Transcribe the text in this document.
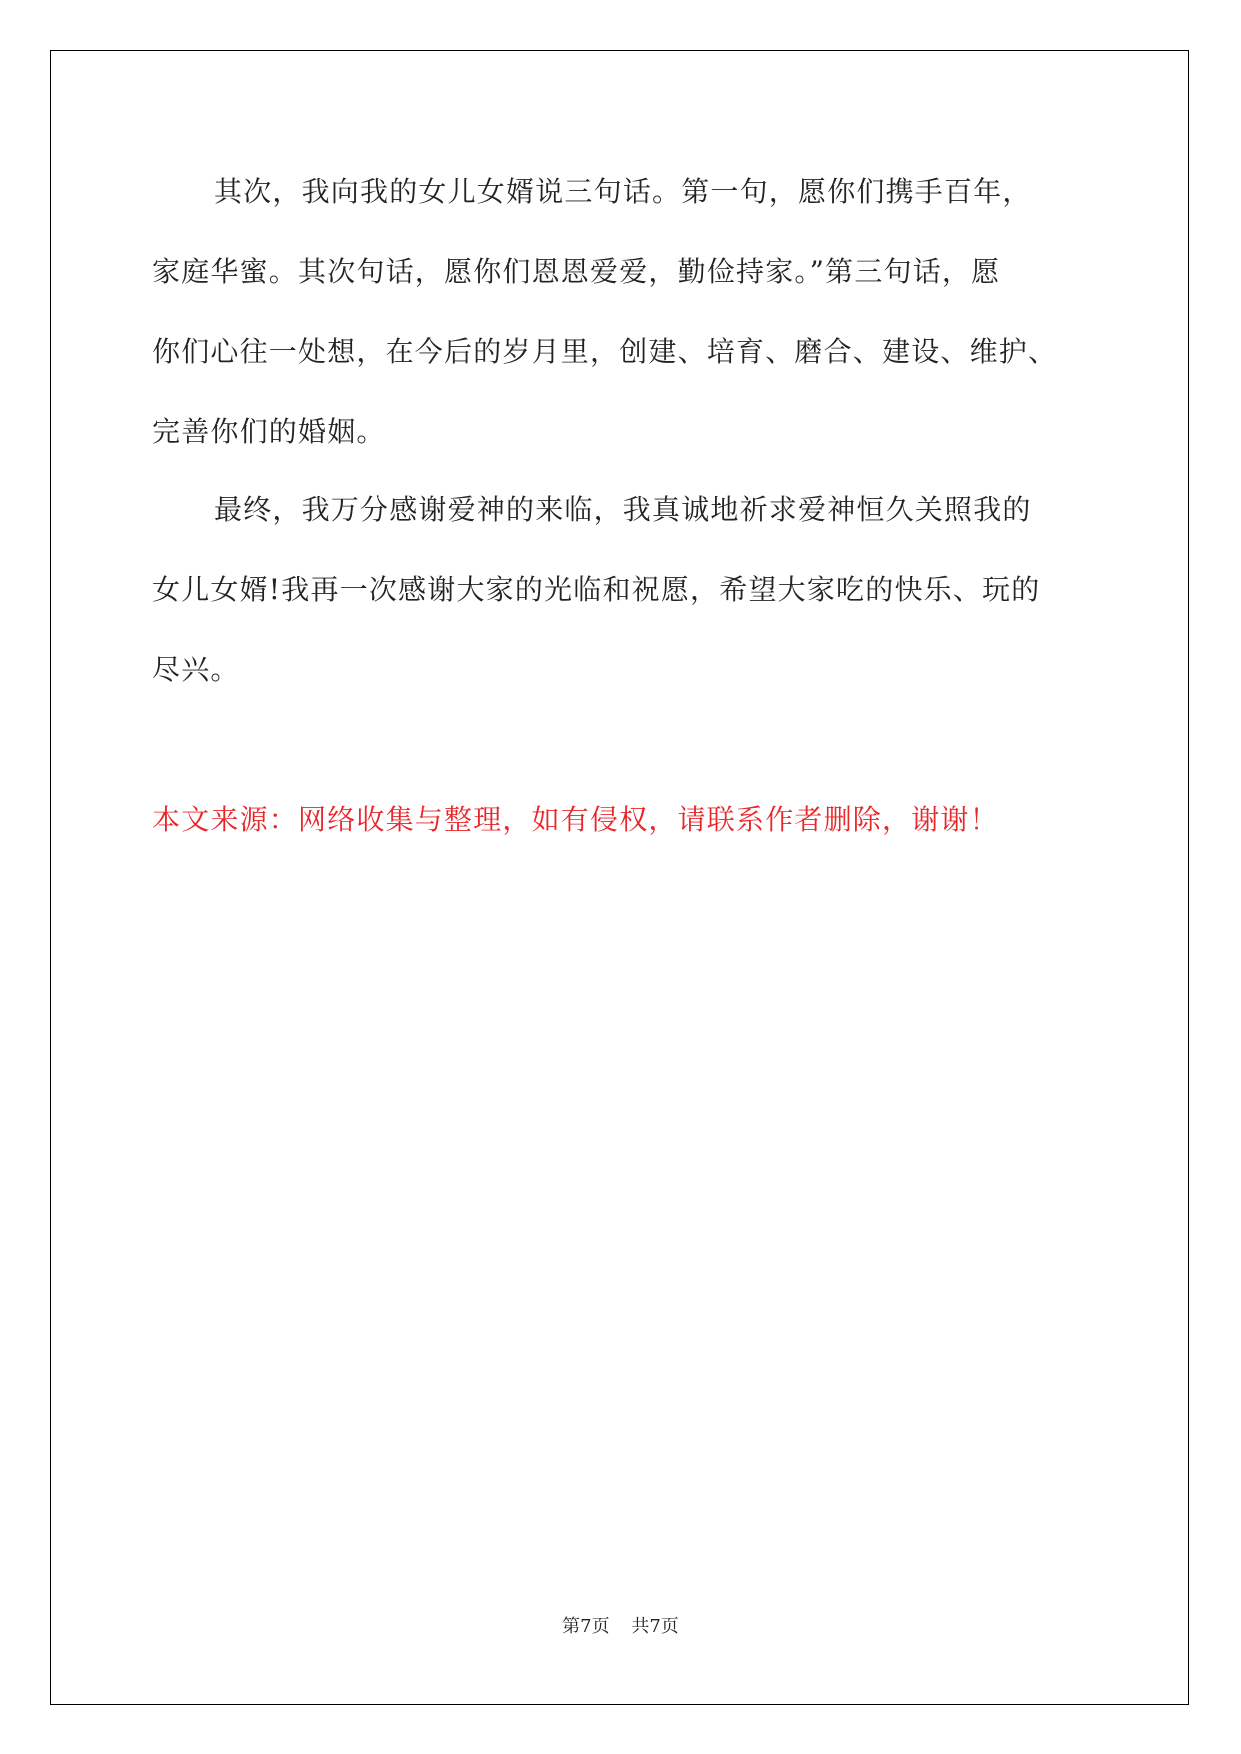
其次，我向我的女儿女婿说三句话。第一句，愿你们携手百年，
家庭华蜜。其次句话，愿你们恩恩爱爱，勤俭持家。”第三句话，愿
你们心往一处想，在今后的岁月里，创建、培育、磨合、建设、维护、
完善你们的婚姻。
最终，我万分感谢爱神的来临，我真诚地祈求爱神恒久关照我的
女儿女婿!我再一次感谢大家的光临和祝愿，希望大家吃的快乐、玩的
尽兴。
本文来源：网络收集与整理，如有侵权，请联系作者删除，谢谢！
第7页 共7页
